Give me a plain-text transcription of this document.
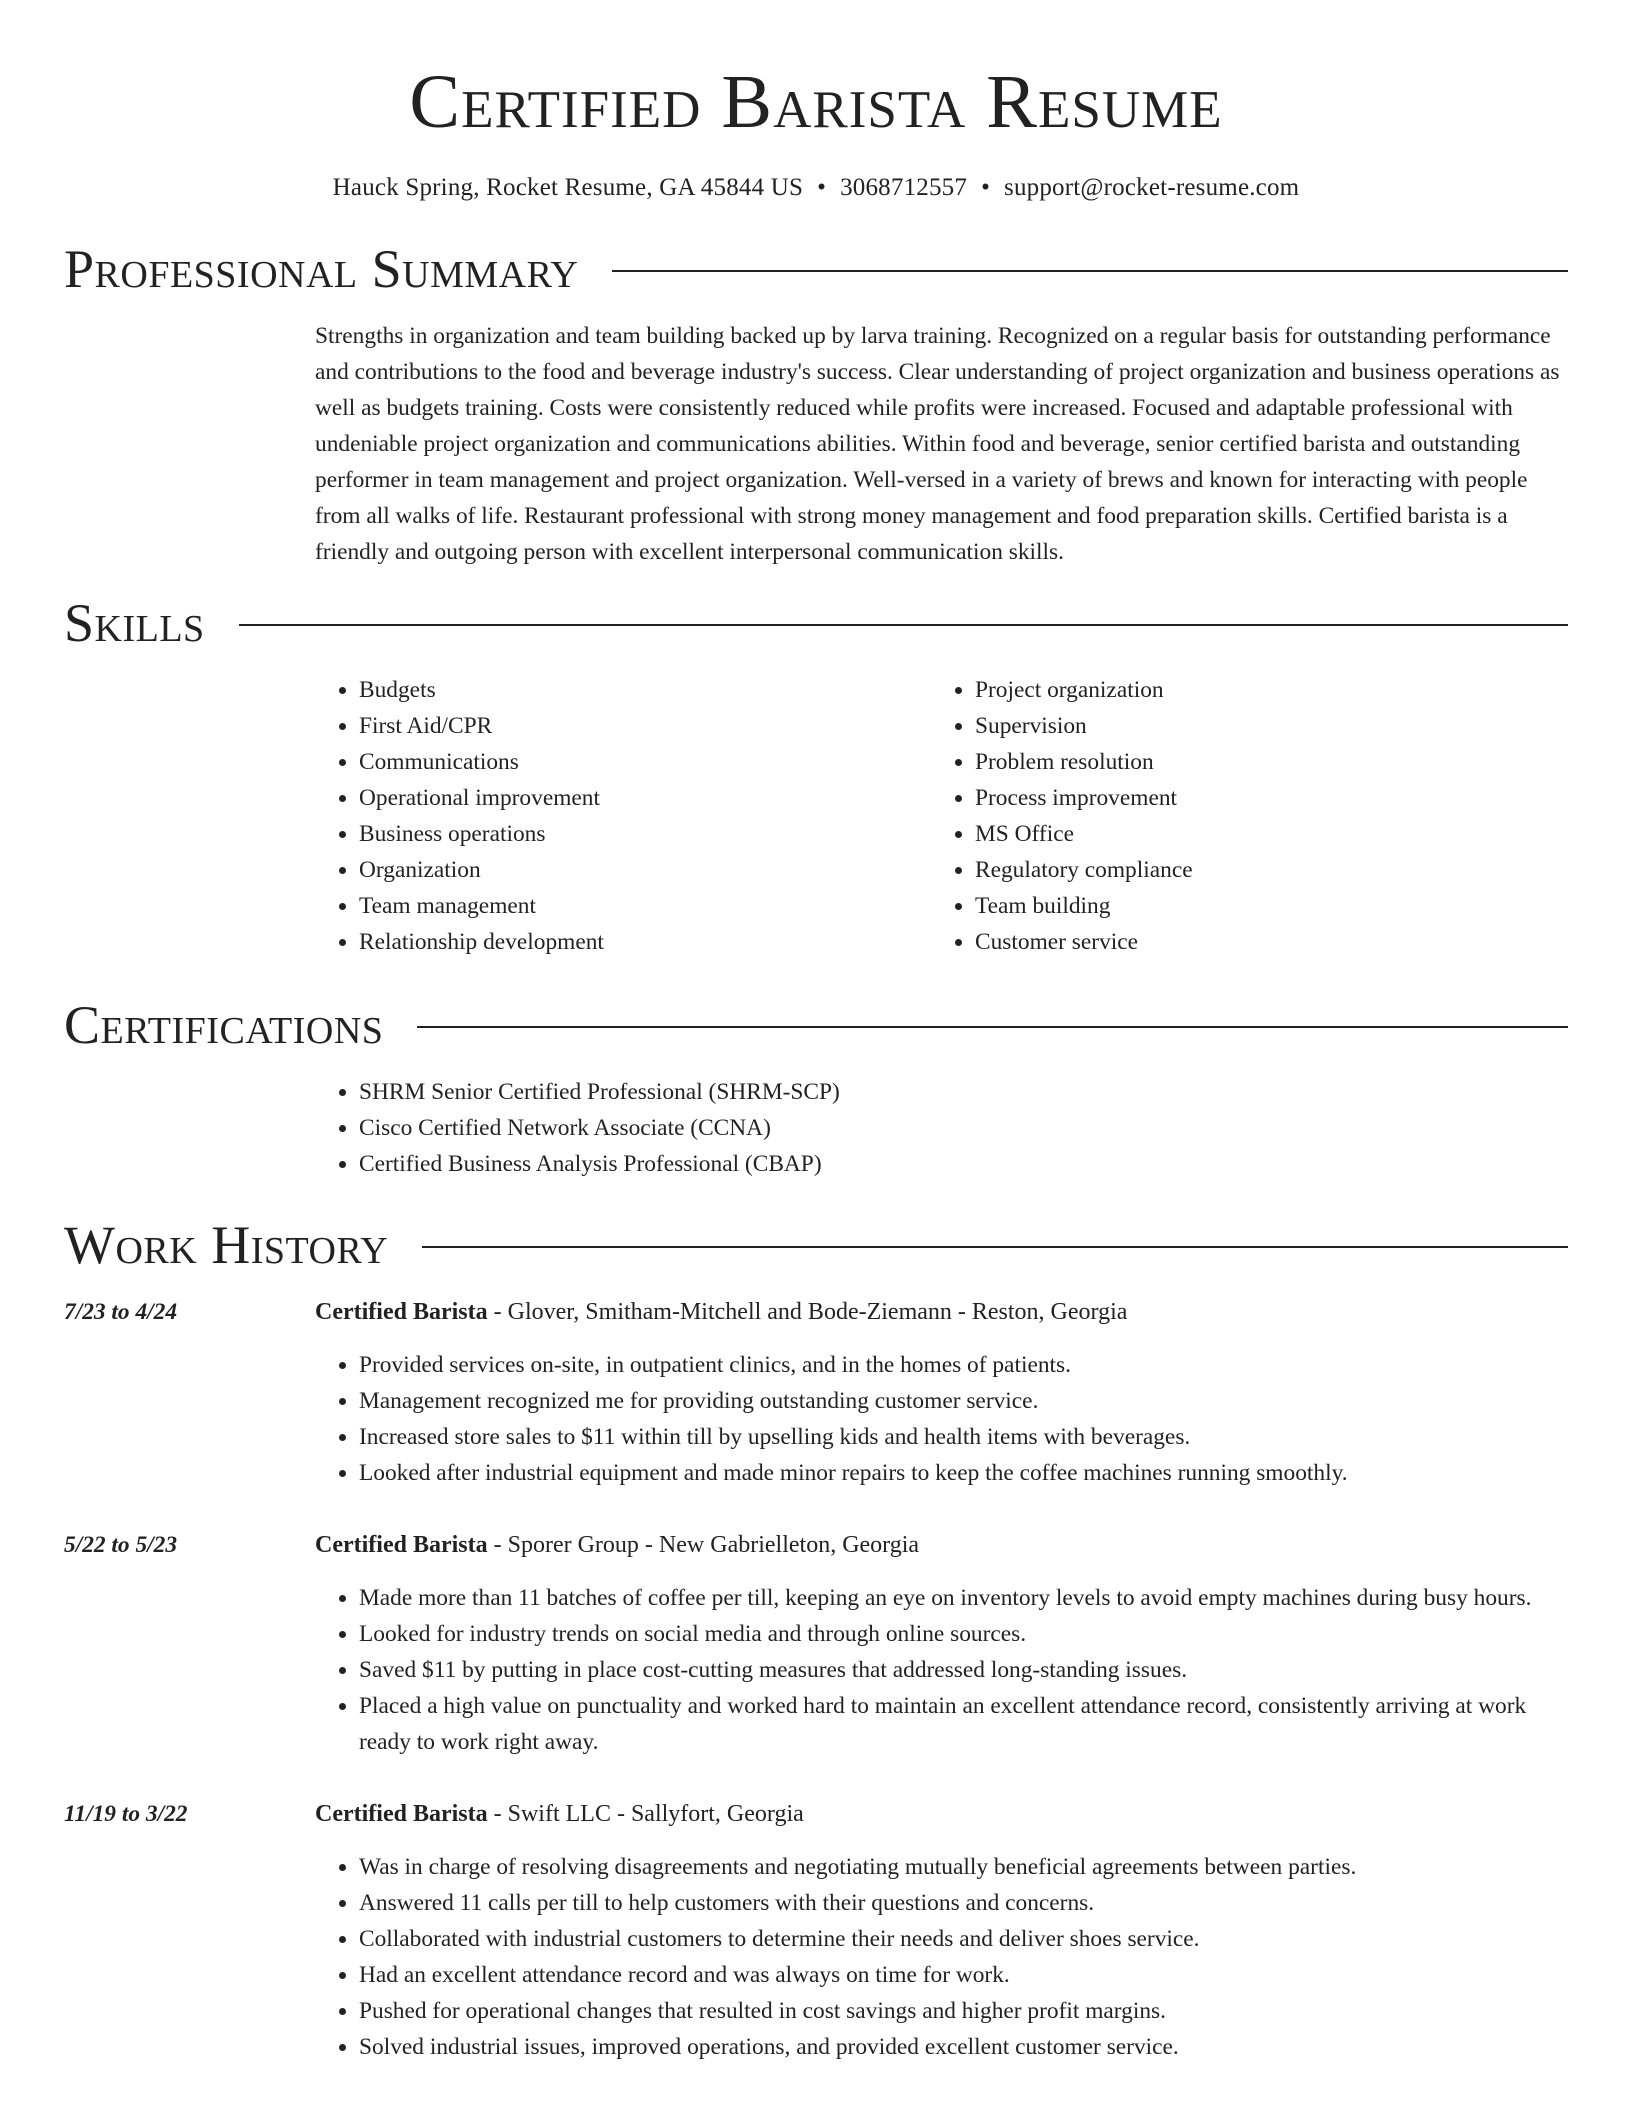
Certified Barista Resume
Hauck Spring, Rocket Resume, GA 45844 US • 3068712557 • support@rocket-resume.com
Professional Summary
Strengths in organization and team building backed up by larva training. Recognized on a regular basis for outstanding performance and contributions to the food and beverage industry's success. Clear understanding of project organization and business operations as well as budgets training. Costs were consistently reduced while profits were increased. Focused and adaptable professional with undeniable project organization and communications abilities. Within food and beverage, senior certified barista and outstanding performer in team management and project organization. Well-versed in a variety of brews and known for interacting with people from all walks of life. Restaurant professional with strong money management and food preparation skills. Certified barista is a friendly and outgoing person with excellent interpersonal communication skills.
Skills
• Budgets
• First Aid/CPR
• Communications
• Operational improvement
• Business operations
• Organization
• Team management
• Relationship development
• Project organization
• Supervision
• Problem resolution
• Process improvement
• MS Office
• Regulatory compliance
• Team building
• Customer service
Certifications
• SHRM Senior Certified Professional (SHRM-SCP)
• Cisco Certified Network Associate (CCNA)
• Certified Business Analysis Professional (CBAP)
Work History
7/23 to 4/24	Certified Barista - Glover, Smitham-Mitchell and Bode-Ziemann - Reston, Georgia
• Provided services on-site, in outpatient clinics, and in the homes of patients.
• Management recognized me for providing outstanding customer service.
• Increased store sales to $11 within till by upselling kids and health items with beverages.
• Looked after industrial equipment and made minor repairs to keep the coffee machines running smoothly.
5/22 to 5/23	Certified Barista - Sporer Group - New Gabrielleton, Georgia
• Made more than 11 batches of coffee per till, keeping an eye on inventory levels to avoid empty machines during busy hours.
• Looked for industry trends on social media and through online sources.
• Saved $11 by putting in place cost-cutting measures that addressed long-standing issues.
• Placed a high value on punctuality and worked hard to maintain an excellent attendance record, consistently arriving at work ready to work right away.
11/19 to 3/22	Certified Barista - Swift LLC - Sallyfort, Georgia
• Was in charge of resolving disagreements and negotiating mutually beneficial agreements between parties.
• Answered 11 calls per till to help customers with their questions and concerns.
• Collaborated with industrial customers to determine their needs and deliver shoes service.
• Had an excellent attendance record and was always on time for work.
• Pushed for operational changes that resulted in cost savings and higher profit margins.
• Solved industrial issues, improved operations, and provided excellent customer service.
